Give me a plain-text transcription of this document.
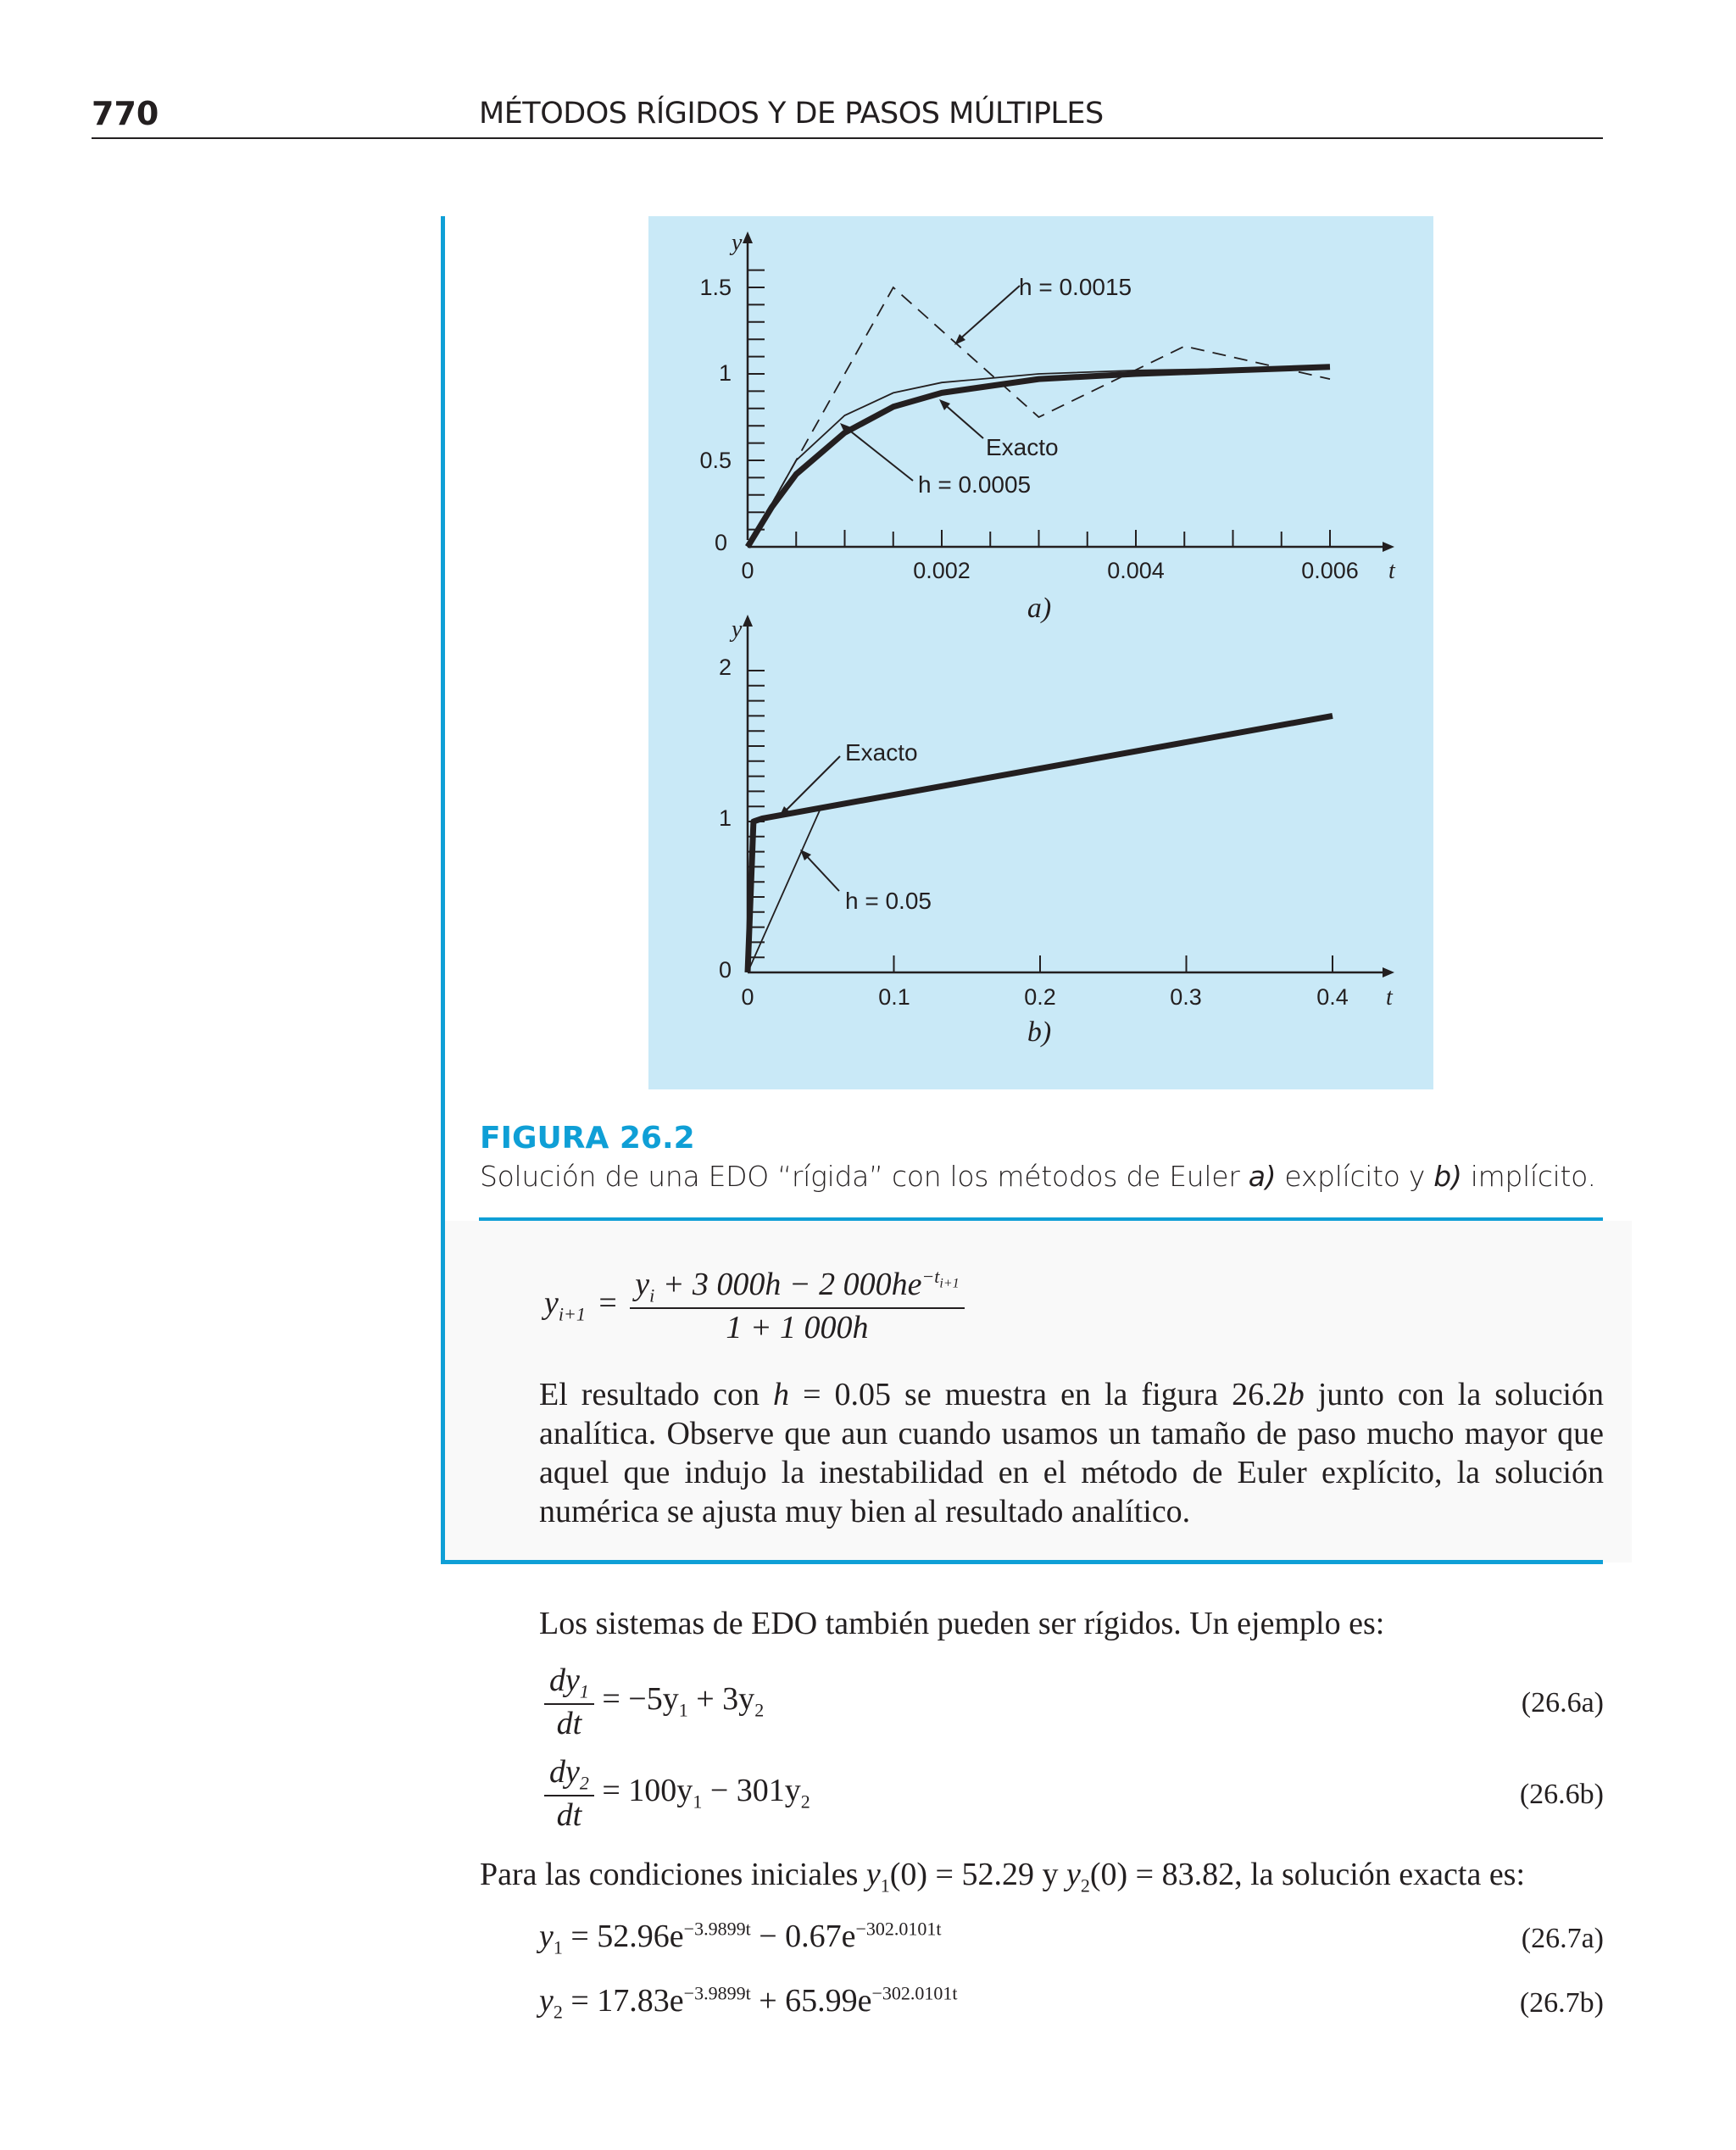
770	MÉTODOS RÍGIDOS Y DE PASOS MÚLTIPLES
y
t
0
0.5
1
1.5
0	0.002	0.004	0.006
h = 0.0015
Exacto
h = 0.0005
a)
y
t
0
1
2
0	0.1	0.2	0.3	0.4
Exacto
h = 0.05
b)
FIGURA 26.2
Solución de una EDO “rígida” con los métodos de Euler a) explícito y b) implícito.
$y_{i+1} = \frac{y_i + 3 000h - 2 000he^{-t_{i+1}}}{1 + 1 000h}$
El resultado con h = 0.05 se muestra en la figura 26.2b junto con la solución analítica. Observe que aun cuando usamos un tamaño de paso mucho mayor que aquel que indujo la inestabilidad en el método de Euler explícito, la solución numérica se ajusta muy bien al resultado analítico.
Los sistemas de EDO también pueden ser rígidos. Un ejemplo es:
$\frac{dy_1}{dt} = -5y_1 + 3y_2$	(26.6a)
$\frac{dy_2}{dt} = 100y_1 - 301y_2$	(26.6b)
Para las condiciones iniciales $y_1(0) = 52.29$ y $y_2(0) = 83.82$, la solución exacta es:
$y_1 = 52.96e^{-3.9899t} - 0.67e^{-302.0101t}$	(26.7a)
$y_2 = 17.83e^{-3.9899t} + 65.99e^{-302.0101t}$	(26.7b)
